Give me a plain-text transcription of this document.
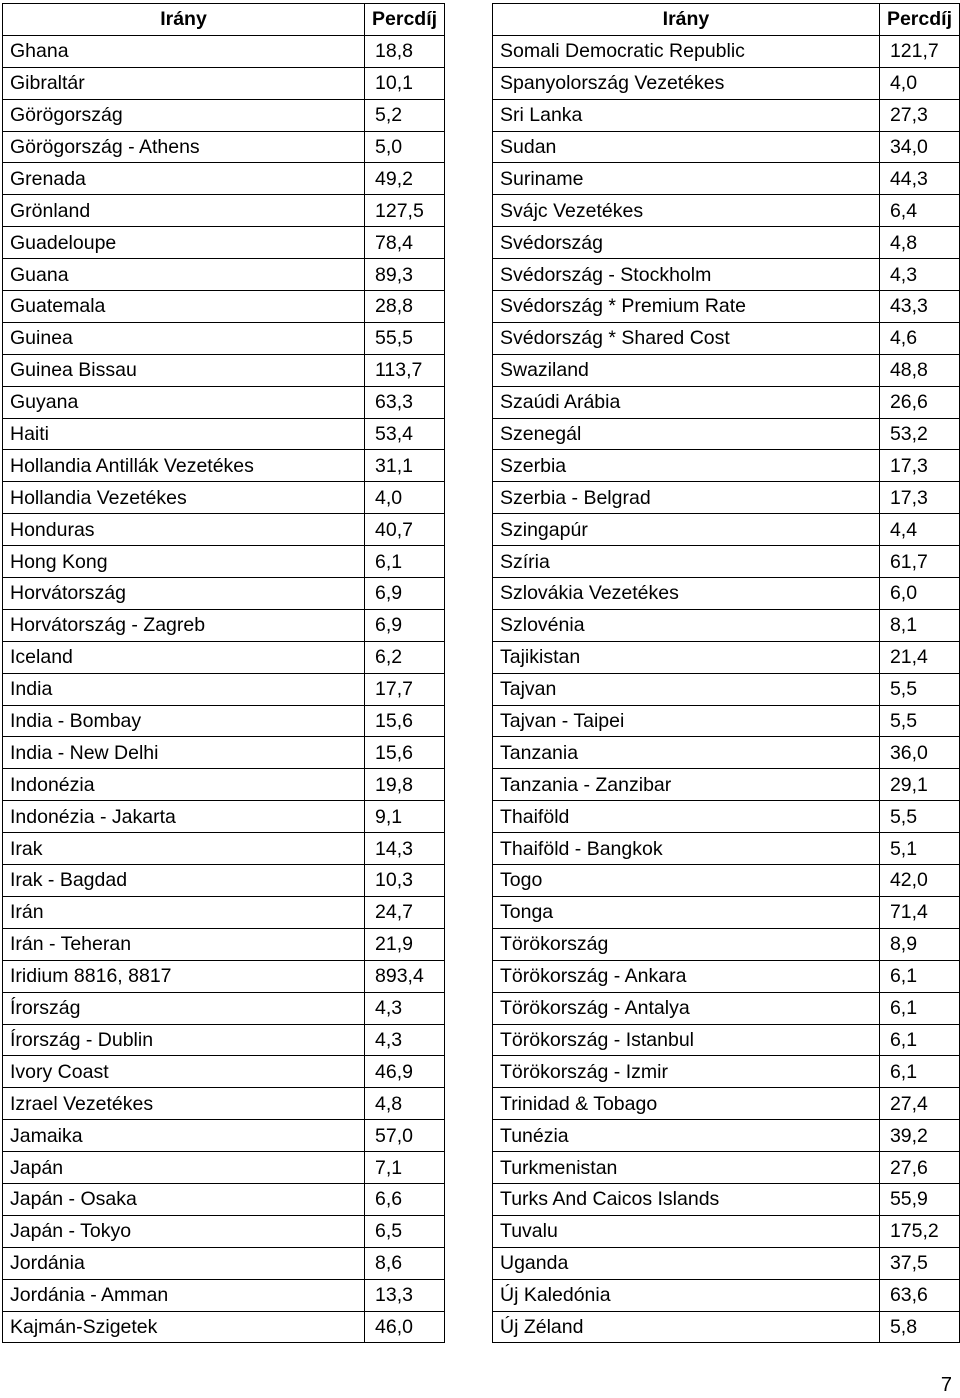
Irány	Percdíj
Ghana	18,8
Gibraltár	10,1
Görögország	5,2
Görögország - Athens	5,0
Grenada	49,2
Grönland	127,5
Guadeloupe	78,4
Guana	89,3
Guatemala	28,8
Guinea	55,5
Guinea Bissau	113,7
Guyana	63,3
Haiti	53,4
Hollandia Antillák Vezetékes	31,1
Hollandia Vezetékes	4,0
Honduras	40,7
Hong Kong	6,1
Horvátország	6,9
Horvátország - Zagreb	6,9
Iceland	6,2
India	17,7
India - Bombay	15,6
India - New Delhi	15,6
Indonézia	19,8
Indonézia - Jakarta	9,1
Irak	14,3
Irak - Bagdad	10,3
Irán	24,7
Irán - Teheran	21,9
Iridium 8816, 8817	893,4
Írország	4,3
Írország - Dublin	4,3
Ivory Coast	46,9
Izrael Vezetékes	4,8
Jamaika	57,0
Japán	7,1
Japán - Osaka	6,6
Japán - Tokyo	6,5
Jordánia	8,6
Jordánia - Amman	13,3
Kajmán-Szigetek	46,0
Irány	Percdíj
Somali Democratic Republic	121,7
Spanyolország Vezetékes	4,0
Sri Lanka	27,3
Sudan	34,0
Suriname	44,3
Svájc Vezetékes	6,4
Svédország	4,8
Svédország - Stockholm	4,3
Svédország * Premium Rate	43,3
Svédország * Shared Cost	4,6
Swaziland	48,8
Szaúdi Arábia	26,6
Szenegál	53,2
Szerbia	17,3
Szerbia - Belgrad	17,3
Szingapúr	4,4
Szíria	61,7
Szlovákia Vezetékes	6,0
Szlovénia	8,1
Tajikistan	21,4
Tajvan	5,5
Tajvan - Taipei	5,5
Tanzania	36,0
Tanzania - Zanzibar	29,1
Thaiföld	5,5
Thaiföld - Bangkok	5,1
Togo	42,0
Tonga	71,4
Törökország	8,9
Törökország - Ankara	6,1
Törökország - Antalya	6,1
Törökország - Istanbul	6,1
Törökország - Izmir	6,1
Trinidad & Tobago	27,4
Tunézia	39,2
Turkmenistan	27,6
Turks And Caicos Islands	55,9
Tuvalu	175,2
Uganda	37,5
Új Kaledónia	63,6
Új Zéland	5,8
7
